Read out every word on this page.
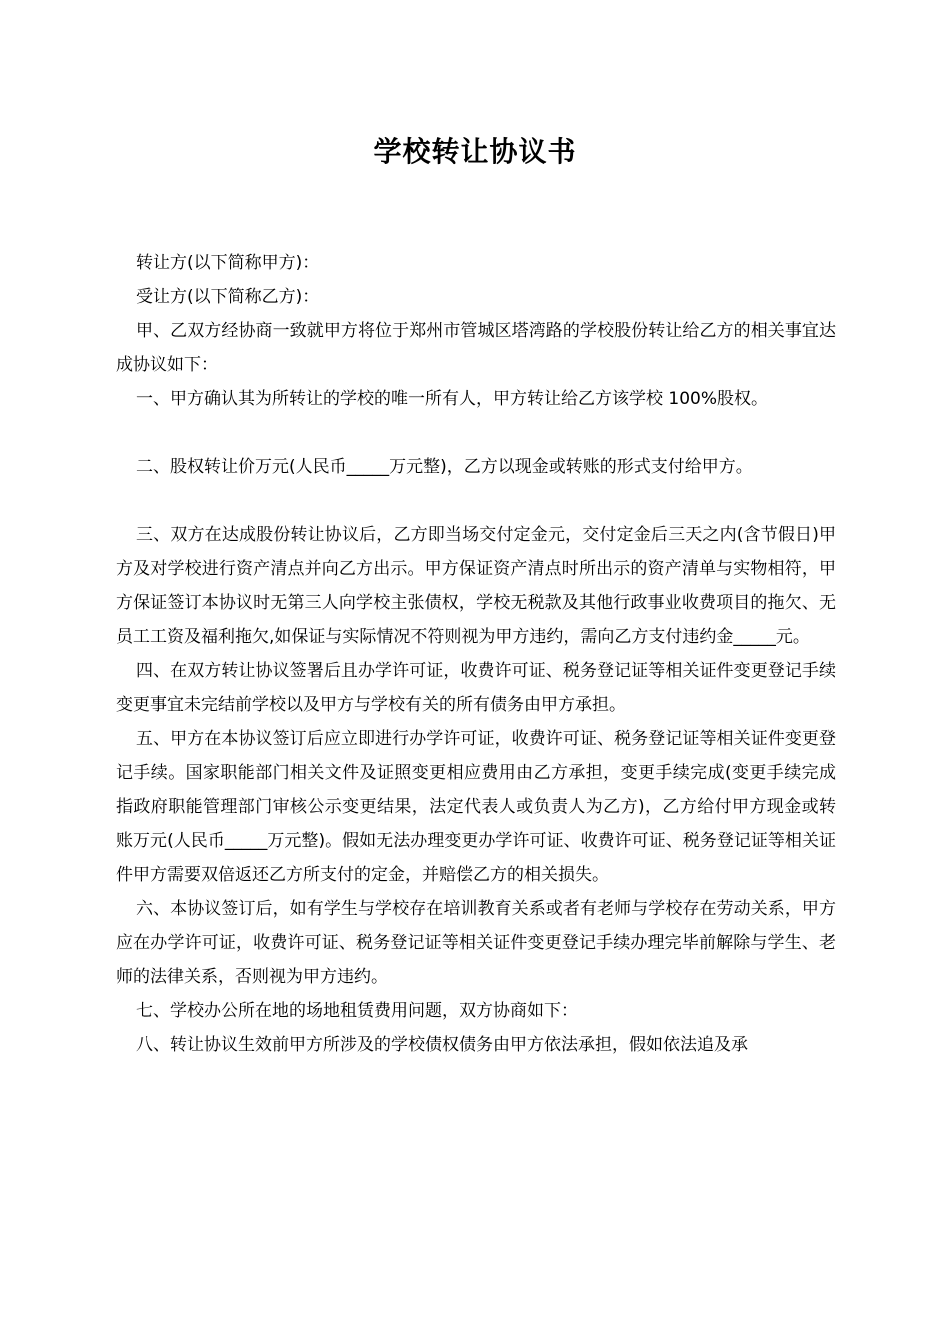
学校转让协议书

转让方(以下简称甲方)：

受让方(以下简称乙方)：

甲、乙双方经协商一致就甲方将位于郑州市管城区塔湾路的学校股份转让给乙方的相关事宜达成协议如下：

一、甲方确认其为所转让的学校的唯一所有人，甲方转让给乙方该学校 100%股权。

二、股权转让价万元(人民币_____万元整)，乙方以现金或转账的形式支付给甲方。

三、双方在达成股份转让协议后，乙方即当场交付定金元，交付定金后三天之内(含节假日)甲方及对学校进行资产清点并向乙方出示。甲方保证资产清点时所出示的资产清单与实物相符，甲方保证签订本协议时无第三人向学校主张债权，学校无税款及其他行政事业收费项目的拖欠、无员工工资及福利拖欠,如保证与实际情况不符则视为甲方违约，需向乙方支付违约金_____元。

四、在双方转让协议签署后且办学许可证，收费许可证、税务登记证等相关证件变更登记手续变更事宜未完结前学校以及甲方与学校有关的所有债务由甲方承担。

五、甲方在本协议签订后应立即进行办学许可证，收费许可证、税务登记证等相关证件变更登记手续。国家职能部门相关文件及证照变更相应费用由乙方承担，变更手续完成(变更手续完成指政府职能管理部门审核公示变更结果，法定代表人或负责人为乙方)，乙方给付甲方现金或转账万元(人民币_____万元整)。假如无法办理变更办学许可证、收费许可证、税务登记证等相关证件甲方需要双倍返还乙方所支付的定金，并赔偿乙方的相关损失。

六、本协议签订后，如有学生与学校存在培训教育关系或者有老师与学校存在劳动关系，甲方应在办学许可证，收费许可证、税务登记证等相关证件变更登记手续办理完毕前解除与学生、老师的法律关系，否则视为甲方违约。

七、学校办公所在地的场地租赁费用问题，双方协商如下：

八、转让协议生效前甲方所涉及的学校债权债务由甲方依法承担，假如依法追及承
